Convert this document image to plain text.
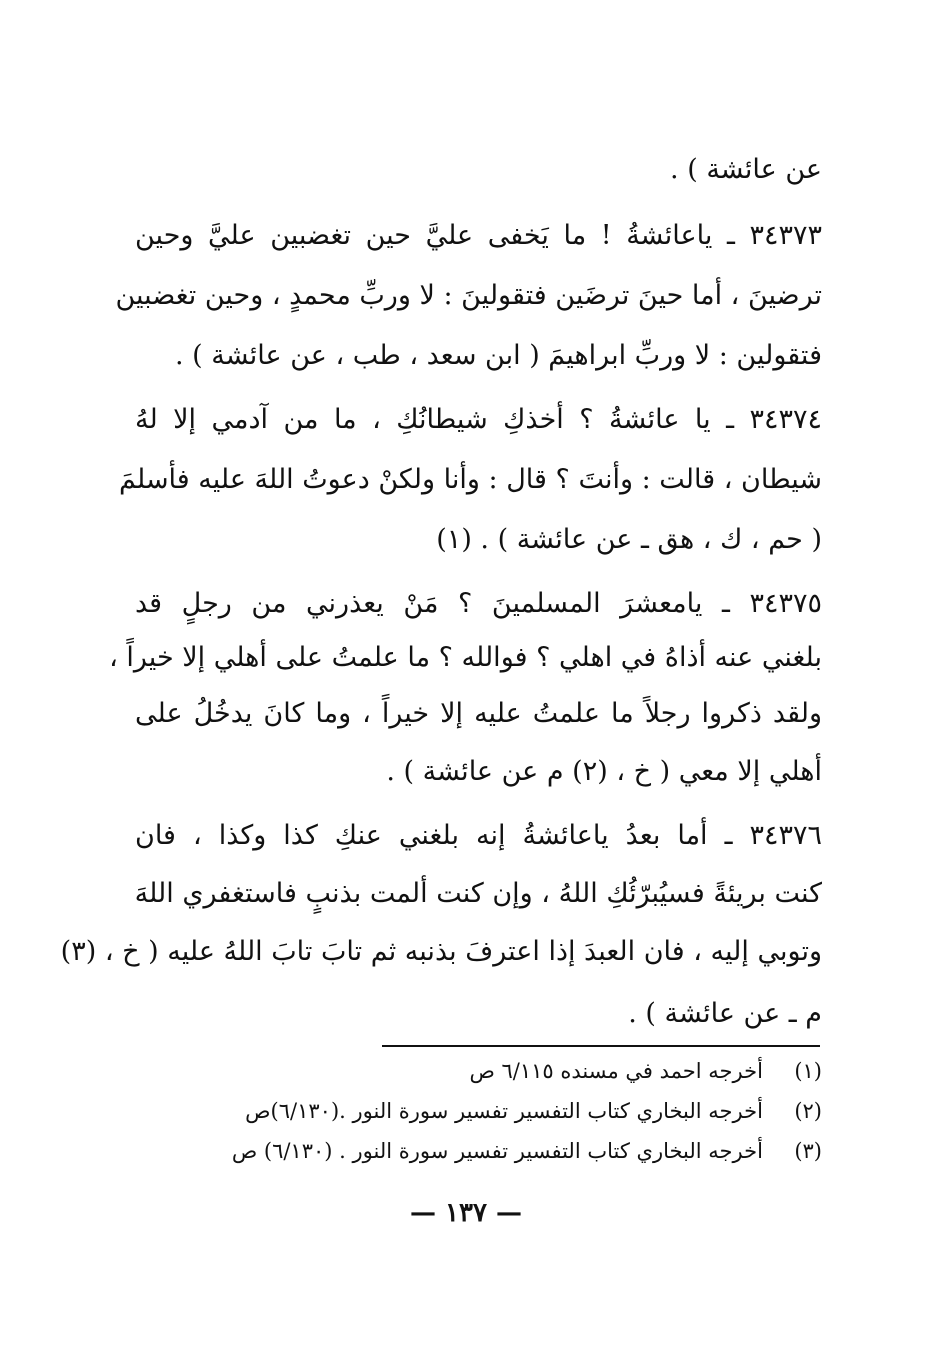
عن عائشة ) .
٣٤٣٧٣ ـ ياعائشةُ ! ما يَخفى عليَّ حين تغضبين عليَّ وحين
ترضينَ ، أما حينَ ترضَين فتقولينَ : لا وربِّ محمدٍ ، وحين تغضبين
فتقولين : لا وربِّ ابراهيمَ ( ابن سعد ، طب ، عن عائشة ) .
٣٤٣٧٤ ـ يا عائشةُ ؟ أخذكِ شيطانُكِ ، ما من آدمي إلا لهُ
شيطان ، قالت : وأنتَ ؟ قال : وأنا ولكنْ دعوتُ اللهَ عليه فأسلمَ
( حم ، ك ، هق ـ عن عائشة ) . (١)
٣٤٣٧٥ ـ يامعشرَ المسلمينَ ؟ مَنْ يعذرني من رجلٍ قد
بلغني عنه أذاهُ في اهلي ؟ فوالله ؟ ما علمتُ على أهلي إلا خيراً ،
ولقد ذكروا رجلاً ما علمتُ عليه إلا خيراً ، وما كانَ يدخُلُ على
أهلي إلا معي ( خ ، (٢) م عن عائشة ) .
٣٤٣٧٦ ـ أما بعدُ ياعائشةُ إنه بلغني عنكِ كذا وكذا ، فان
كنت بريئةً فسيُبرّئُكِ اللهُ ، وإن كنت ألمت بذنبٍ فاستغفري اللهَ
وتوبي إليه ، فان العبدَ إذا اعترفَ بذنبه ثم تابَ تابَ اللهُ عليه ( خ ، (٣)
م ـ عن عائشة ) .
(١)  أخرجه احمد في مسنده ٦/١١٥ ص
(٢)  أخرجه البخاري كتاب التفسير تفسير سورة النور .(٦/١٣٠)ص
(٣)  أخرجه البخاري كتاب التفسير تفسير سورة النور . (٦/١٣٠) ص
— ١٣٧ —
